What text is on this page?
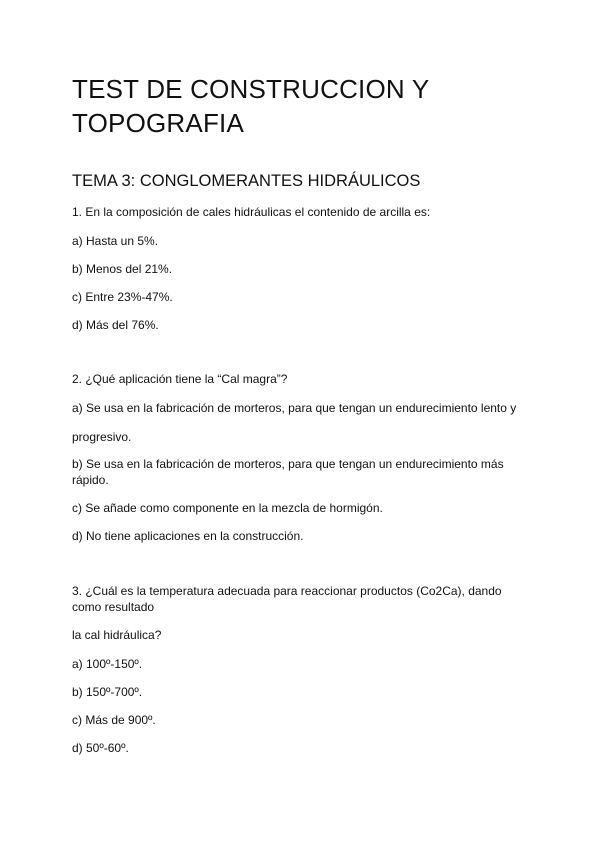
TEST DE CONSTRUCCION Y
TOPOGRAFIA
TEMA 3: CONGLOMERANTES HIDRÁULICOS
1. En la composición de cales hidráulicas el contenido de arcilla es:
a) Hasta un 5%.
b) Menos del 21%.
c) Entre 23%-47%.
d) Más del 76%.
2. ¿Qué aplicación tiene la “Cal magra”?
a) Se usa en la fabricación de morteros, para que tengan un endurecimiento lento y
progresivo.
b) Se usa en la fabricación de morteros, para que tengan un endurecimiento más
rápido.
c) Se añade como componente en la mezcla de hormigón.
d) No tiene aplicaciones en la construcción.
3. ¿Cuál es la temperatura adecuada para reaccionar productos (Co2Ca), dando
como resultado
la cal hidráulica?
a) 100º-150º.
b) 150º-700º.
c) Más de 900º.
d) 50º-60º.
